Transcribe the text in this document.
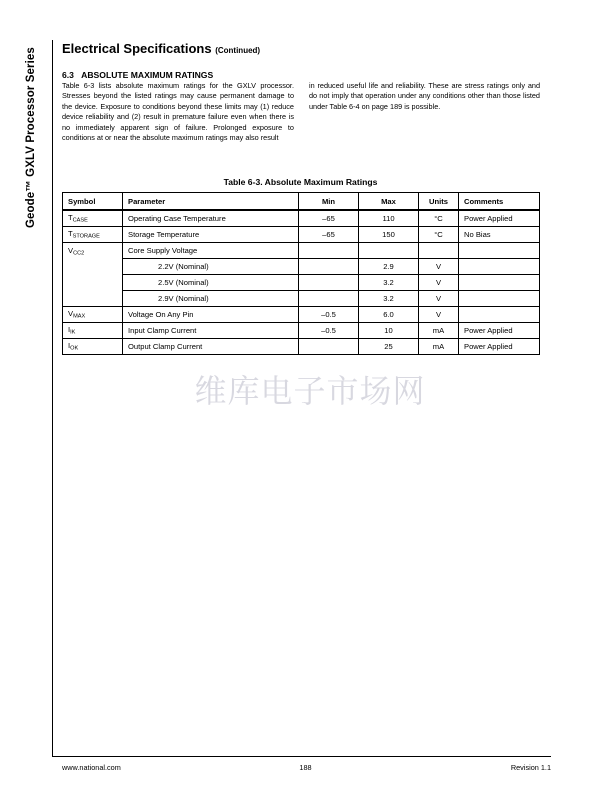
Geode™ GXLV Processor Series Electrical Specifications (Continued)
6.3 ABSOLUTE MAXIMUM RATINGS
Table 6-3 lists absolute maximum ratings for the GXLV processor. Stresses beyond the listed ratings may cause permanent damage to the device. Exposure to conditions beyond these limits may (1) reduce device reliability and (2) result in premature failure even when there is no immediately apparent sign of failure. Prolonged exposure to conditions at or near the absolute maximum ratings may also result
in reduced useful life and reliability. These are stress ratings only and do not imply that operation under any conditions other than those listed under Table 6-4 on page 189 is possible.
Table 6-3. Absolute Maximum Ratings
Symbol	Parameter	Min	Max	Units	Comments
$T_{CASE}$	Operating Case Temperature	–65	110	°C	Power Applied
$T_{STORAGE}$	Storage Temperature	–65	150	°C	No Bias
$V_{CC2}$	Core Supply Voltage				
	2.2V (Nominal)		2.9	V	
	2.5V (Nominal)		3.2	V	
	2.9V (Nominal)		3.2	V	
$V_{MAX}$	Voltage On Any Pin	–0.5	6.0	V	
$I_{IK}$	Input Clamp Current	–0.5	10	mA	Power Applied
$I_{OK}$	Output Clamp Current		25	mA	Power Applied
维库电子市场网
www.national.com	188	Revision 1.1
